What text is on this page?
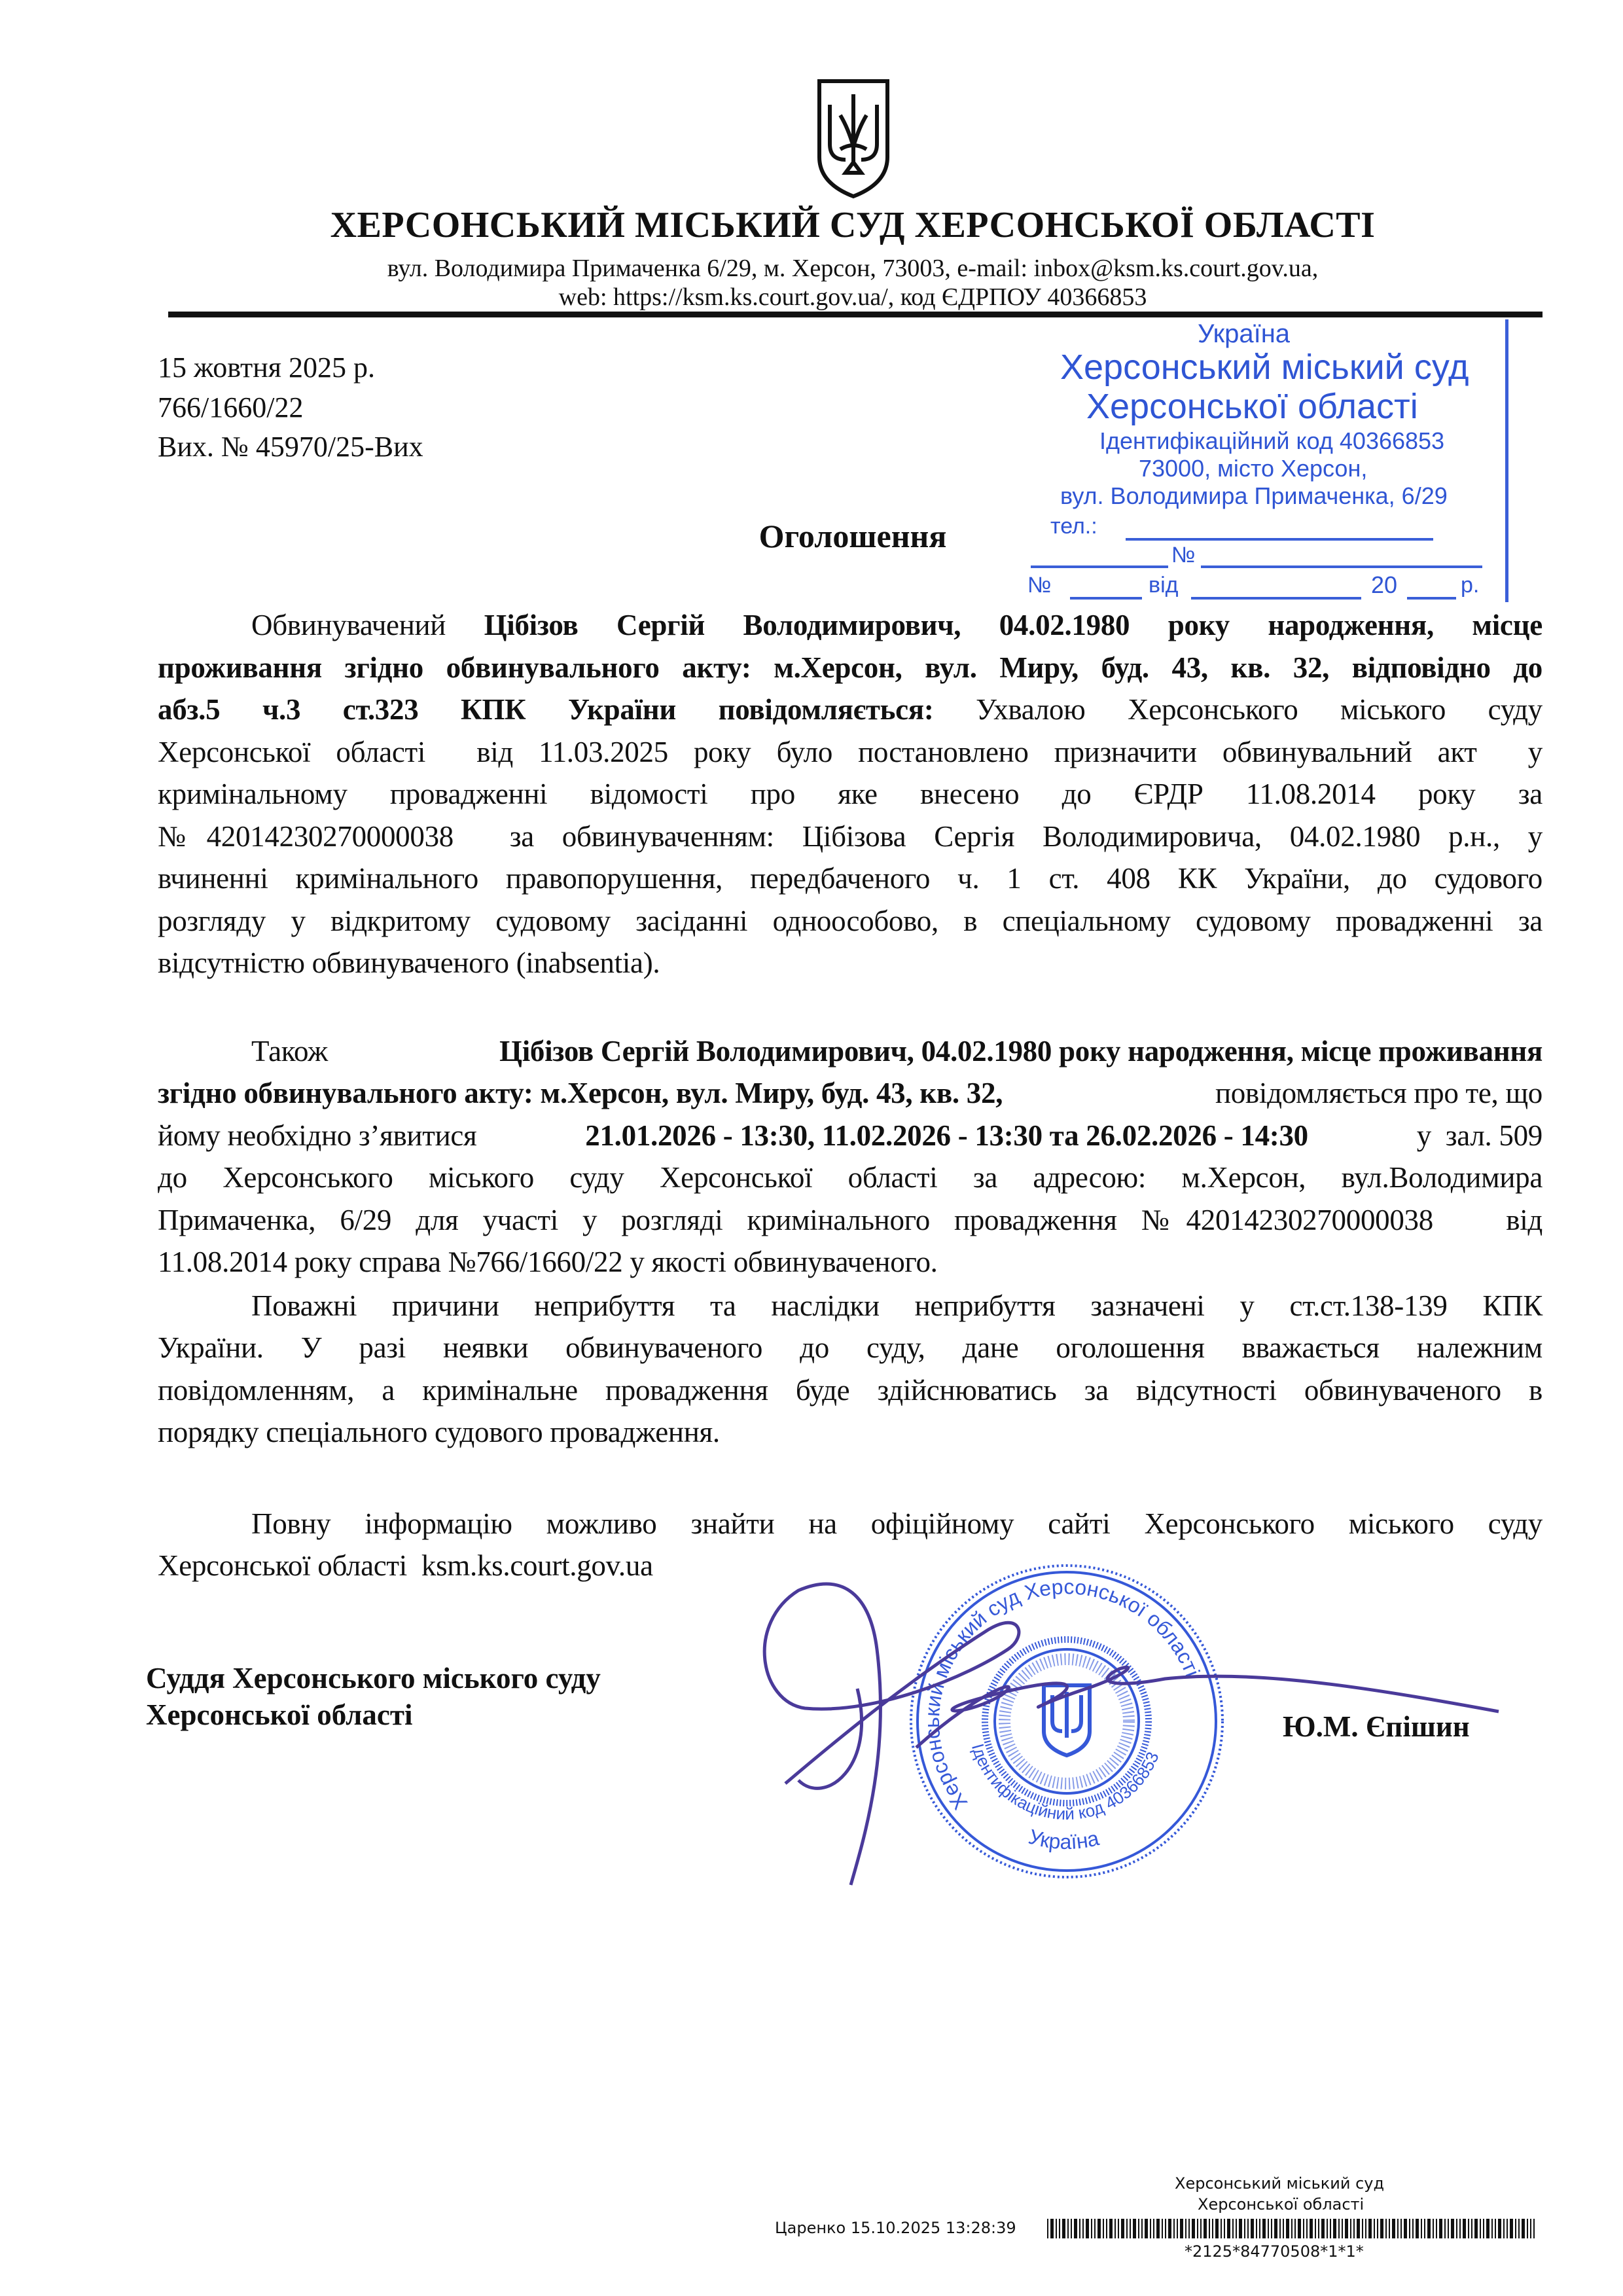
ХЕРСОНСЬКИЙ МІСЬКИЙ СУД ХЕРСОНСЬКОЇ ОБЛАСТІ
вул. Володимира Примаченка 6/29, м. Херсон, 73003, e-mail: inbox@ksm.ks.court.gov.ua,
web: https://ksm.ks.court.gov.ua/, код ЄДРПОУ 40366853
Україна
Херсонський міський суд
Херсонської області
Ідентифікаційний код 40366853
73000, місто Херсон,
вул. Володимира Примаченка, 6/29
тел.:
№
№	від	20	р.
15 жовтня 2025 р.
766/1660/22
Вих. № 45970/25-Вих
Оголошення
Обвинувачений Цібізов Сергій Володимирович, 04.02.1980 року народження, місце
проживання згідно обвинувального акту: м.Херсон, вул. Миру, буд. 43, кв. 32, відповідно до
абз.5 ч.3 ст.323 КПК України повідомляється: Ухвалою Херсонського міського суду
Херсонської області  від 11.03.2025 року було постановлено призначити обвинувальний акт  у
кримінальному провадженні відомості про яке внесено до ЄРДР 11.08.2014 року за
№42014230270000038  за обвинуваченням: Цібізова Сергія Володимировича, 04.02.1980 р.н., у
вчиненні кримінального правопорушення, передбаченого ч. 1 ст. 408 КК України, до судового
розгляду у відкритому судовому засіданні одноособово, в спеціальному судовому провадженні за
відсутністю обвинуваченого (inabsentia).
Також	Цібізов Сергій Володимирович, 04.02.1980 року народження, місце проживання
згідно обвинувального акту: м.Херсон, вул. Миру, буд. 43, кв. 32,	повідомляється про те, що
йому необхідно з’явитися	21.01.2026 - 13:30, 11.02.2026 - 13:30 та 26.02.2026 - 14:30	у  зал. 509
до Херсонського міського суду Херсонської області за адресою: м.Херсон, вул.Володимира
Примаченка, 6/29 для участі у розгляді кримінального провадження №42014230270000038   від
11.08.2014 року справа №766/1660/22 у якості обвинуваченого.
Поважні причини неприбуття та наслідки неприбуття зазначені у ст.ст.138-139 КПК
України. У разі неявки обвинуваченого до суду, дане оголошення вважається належним
повідомленням, а кримінальне провадження буде здійснюватись за відсутності обвинуваченого в
порядку спеціального судового провадження.
Повну інформацію можливо знайти на офіційному сайті Херсонського міського суду
Херсонської області  ksm.ks.court.gov.ua
Суддя Херсонського міського суду
Херсонської області	Ю.М. Єпішин
Херсонський міський суд Херсонської області
Ідентифікаційний код 40366853
Україна
Херсонський міський суд
Херсонської області
Царенко 15.10.2025 13:28:39
*2125*84770508*1*1*
